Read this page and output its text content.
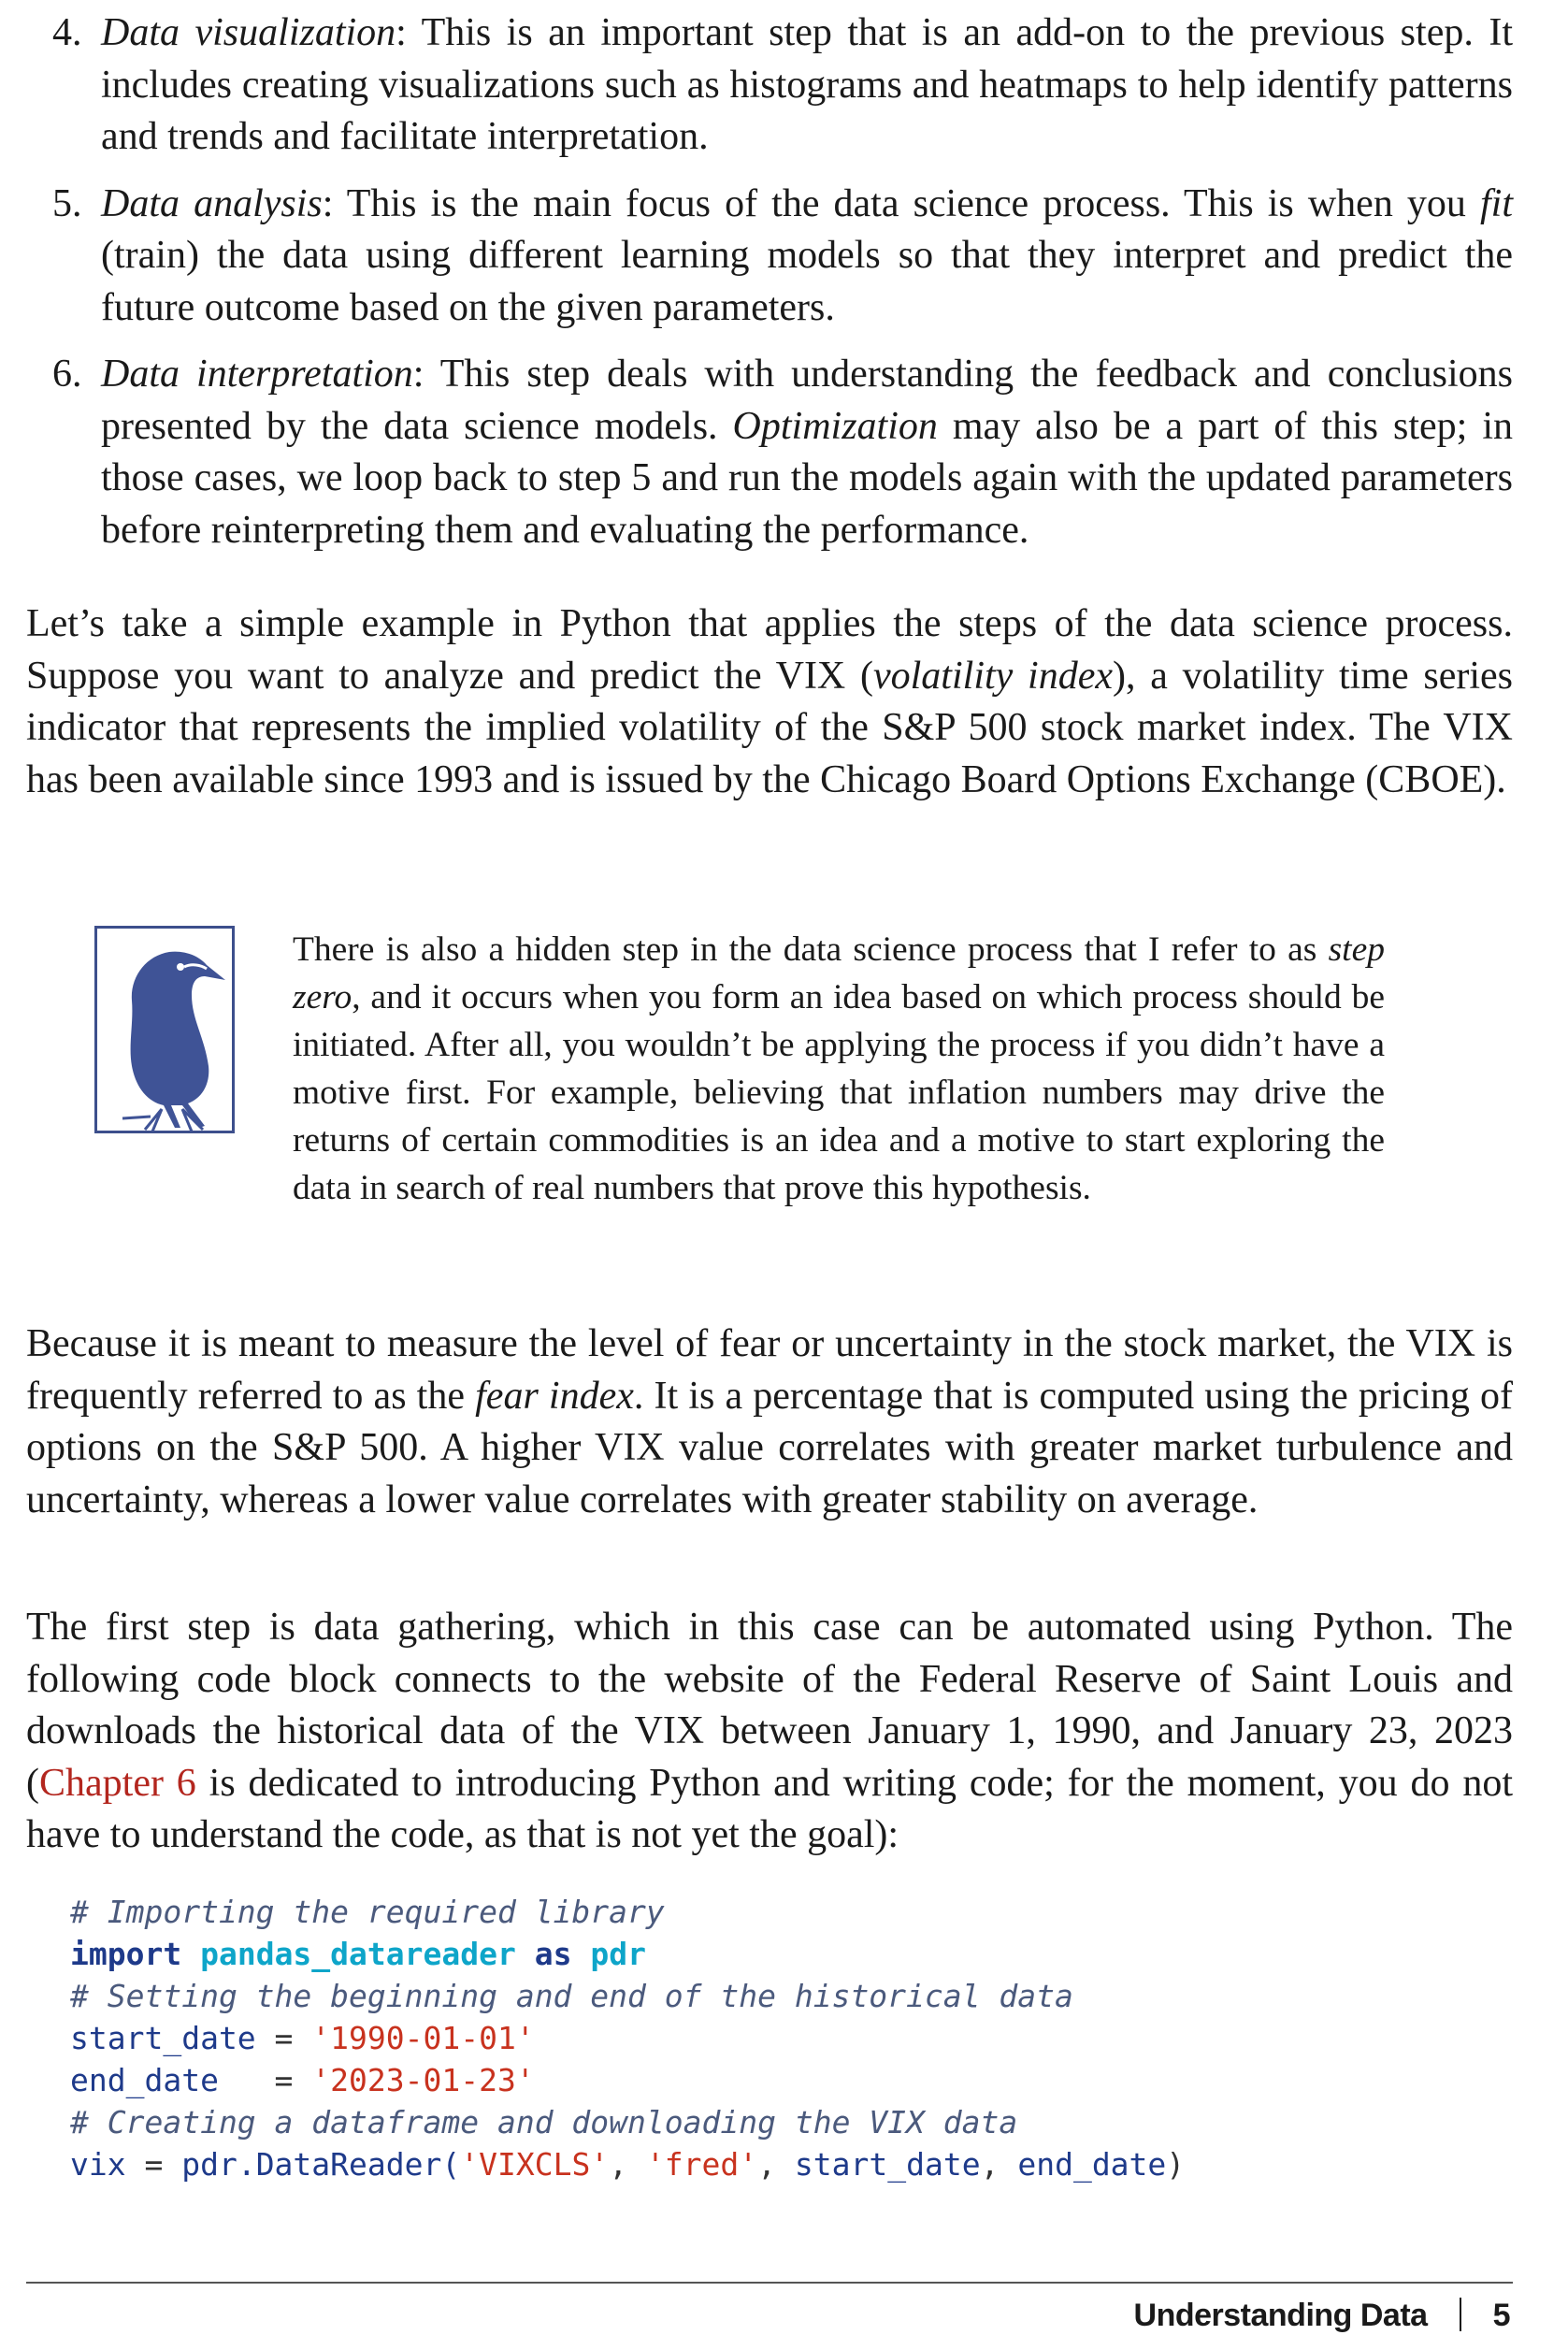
4. Data visualization: This is an important step that is an add-on to the previous step. It includes creating visualizations such as histograms and heatmaps to help identify patterns and trends and facilitate interpretation.
5. Data analysis: This is the main focus of the data science process. This is when you fit (train) the data using different learning models so that they interpret and predict the future outcome based on the given parameters.
6. Data interpretation: This step deals with understanding the feedback and conclusions presented by the data science models. Optimization may also be a part of this step; in those cases, we loop back to step 5 and run the models again with the updated parameters before reinterpreting them and evaluating the performance.

Let’s take a simple example in Python that applies the steps of the data science process. Suppose you want to analyze and predict the VIX (volatility index), a volatility time series indicator that represents the implied volatility of the S&P 500 stock market index. The VIX has been available since 1993 and is issued by the Chicago Board Options Exchange (CBOE).

There is also a hidden step in the data science process that I refer to as step zero, and it occurs when you form an idea based on which process should be initiated. After all, you wouldn’t be applying the process if you didn’t have a motive first. For example, believing that inflation numbers may drive the returns of certain commodities is an idea and a motive to start exploring the data in search of real numbers that prove this hypothesis.

Because it is meant to measure the level of fear or uncertainty in the stock market, the VIX is frequently referred to as the fear index. It is a percentage that is computed using the pricing of options on the S&P 500. A higher VIX value correlates with greater market turbulence and uncertainty, whereas a lower value correlates with greater stability on average.

The first step is data gathering, which in this case can be automated using Python. The following code block connects to the website of the Federal Reserve of Saint Louis and downloads the historical data of the VIX between January 1, 1990, and January 23, 2023 (Chapter 6 is dedicated to introducing Python and writing code; for the moment, you do not have to understand the code, as that is not yet the goal):

# Importing the required library
import pandas_datareader as pdr
# Setting the beginning and end of the historical data
start_date = '1990-01-01'
end_date   = '2023-01-23'
# Creating a dataframe and downloading the VIX data
vix = pdr.DataReader('VIXCLS', 'fred', start_date, end_date)
Understanding Data 5
